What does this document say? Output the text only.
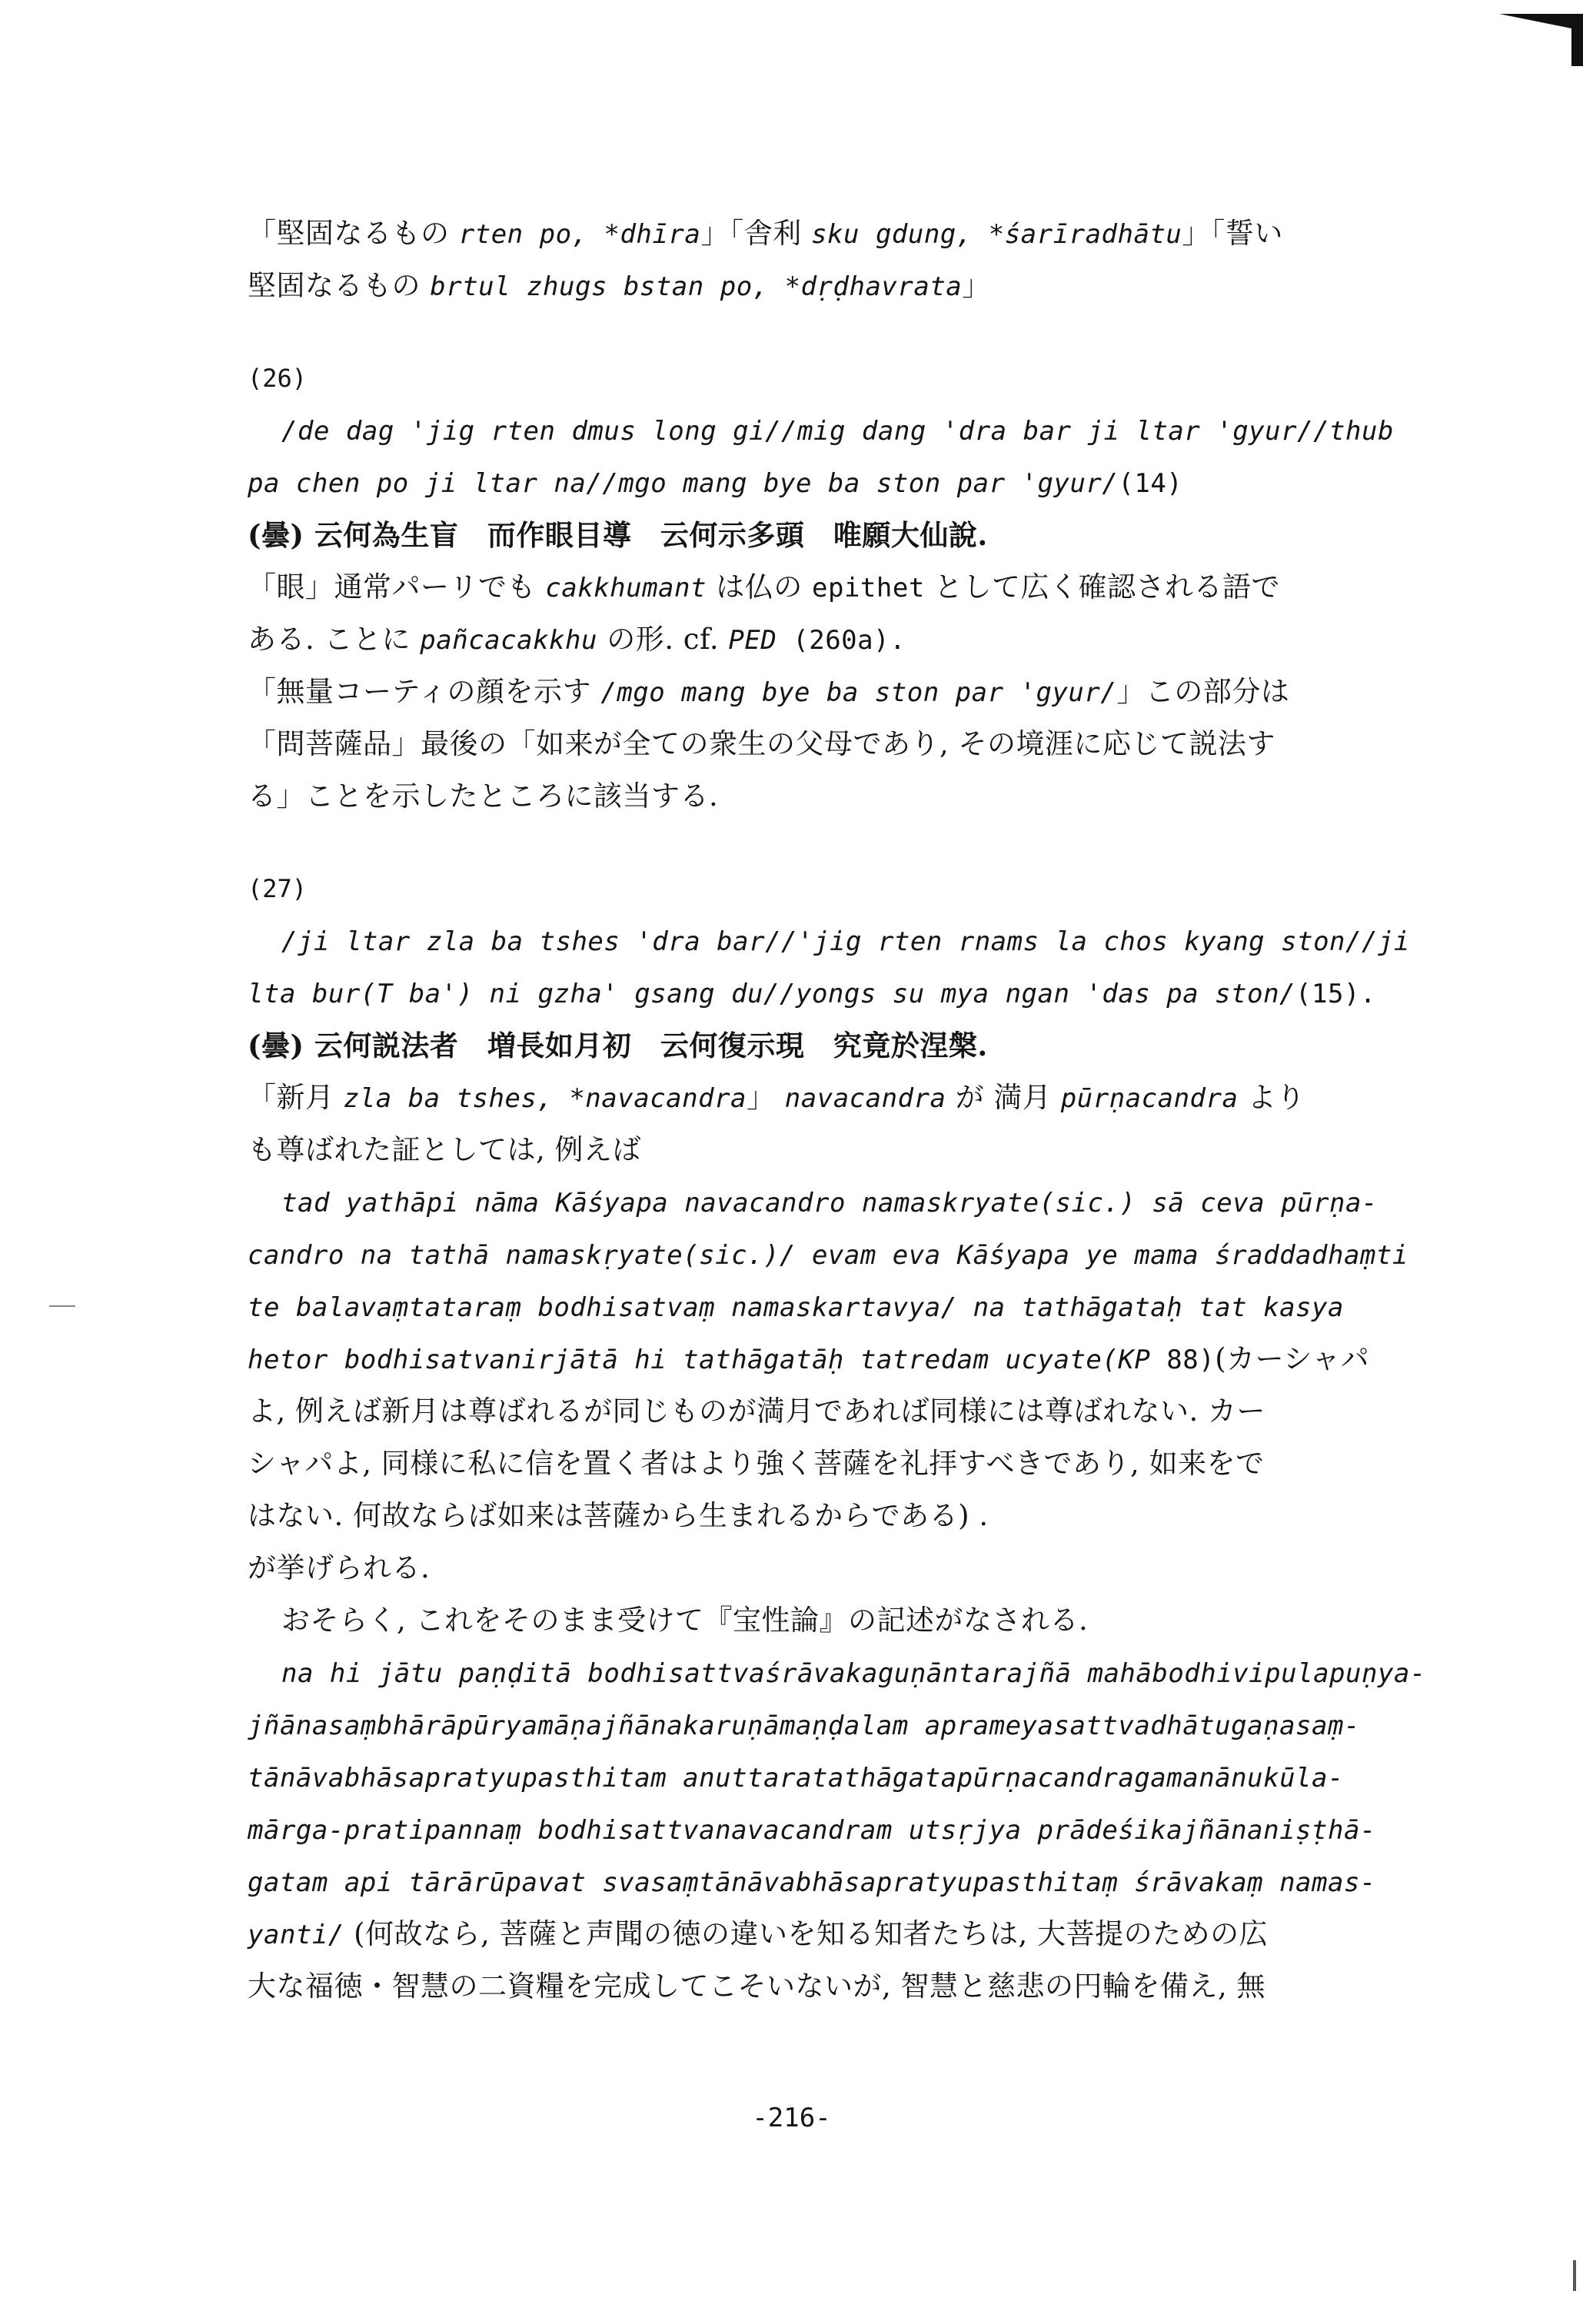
「堅固なるもの rten po, *dhīra」「舎利 sku gdung, *śarīradhātu」「誓い
堅固なるもの brtul zhugs bstan po, *dṛḍhavrata」
(26)
/de dag 'jig rten dmus long gi//mig dang 'dra bar ji ltar 'gyur//thub
pa chen po ji ltar na//mgo mang bye ba ston par 'gyur/(14)
(曇) 云何為生盲　而作眼目導　云何示多頭　唯願大仙說.
「眼」通常パーリでも cakkhumant は仏の epithet として広く確認される語で
ある. ことに pañcacakkhu の形. cf. PED (260a).
「無量コーティの顔を示す /mgo mang bye ba ston par 'gyur/」この部分は
「問菩薩品」最後の「如来が全ての衆生の父母であり, その境涯に応じて説法す
る」ことを示したところに該当する.
(27)
/ji ltar zla ba tshes 'dra bar//'jig rten rnams la chos kyang ston//ji
lta bur(T ba') ni gzha' gsang du//yongs su mya ngan 'das pa ston/(15).
(曇) 云何説法者　増長如月初　云何復示現　究竟於涅槃.
「新月 zla ba tshes, *navacandra」 navacandra が 満月 pūrṇacandra より
も尊ばれた証としては, 例えば
tad yathāpi nāma Kāśyapa navacandro namaskryate(sic.) sā ceva pūrṇa-
candro na tathā namaskṛyate(sic.)/ evam eva Kāśyapa ye mama śraddadhaṃti
te balavaṃtataraṃ bodhisatvaṃ namaskartavya/ na tathāgataḥ tat kasya
hetor bodhisatvanirjātā hi tathāgatāḥ tatredam ucyate(KP 88)(カーシャパ
よ, 例えば新月は尊ばれるが同じものが満月であれば同様には尊ばれない. カー
シャパよ, 同様に私に信を置く者はより強く菩薩を礼拝すべきであり, 如来をで
はない. 何故ならば如来は菩薩から生まれるからである) .
が挙げられる.
おそらく, これをそのまま受けて『宝性論』の記述がなされる.
na hi jātu paṇḍitā bodhisattvaśrāvakaguṇāntarajñā mahābodhivipulapuṇya-
jñānasaṃbhārāpūryamāṇajñānakaruṇāmaṇḍalam aprameyasattvadhātugaṇasaṃ-
tānāvabhāsapratyupasthitam anuttaratathāgatapūrṇacandragamanānukūla-
mārga-pratipannaṃ bodhisattvanavacandram utsṛjya prādeśikajñānaniṣṭhā-
gatam api tārārūpavat svasaṃtānāvabhāsapratyupasthitaṃ śrāvakaṃ namas-
yanti/ (何故なら, 菩薩と声聞の徳の違いを知る知者たちは, 大菩提のための広
大な福徳・智慧の二資糧を完成してこそいないが, 智慧と慈悲の円輪を備え, 無
-216-
